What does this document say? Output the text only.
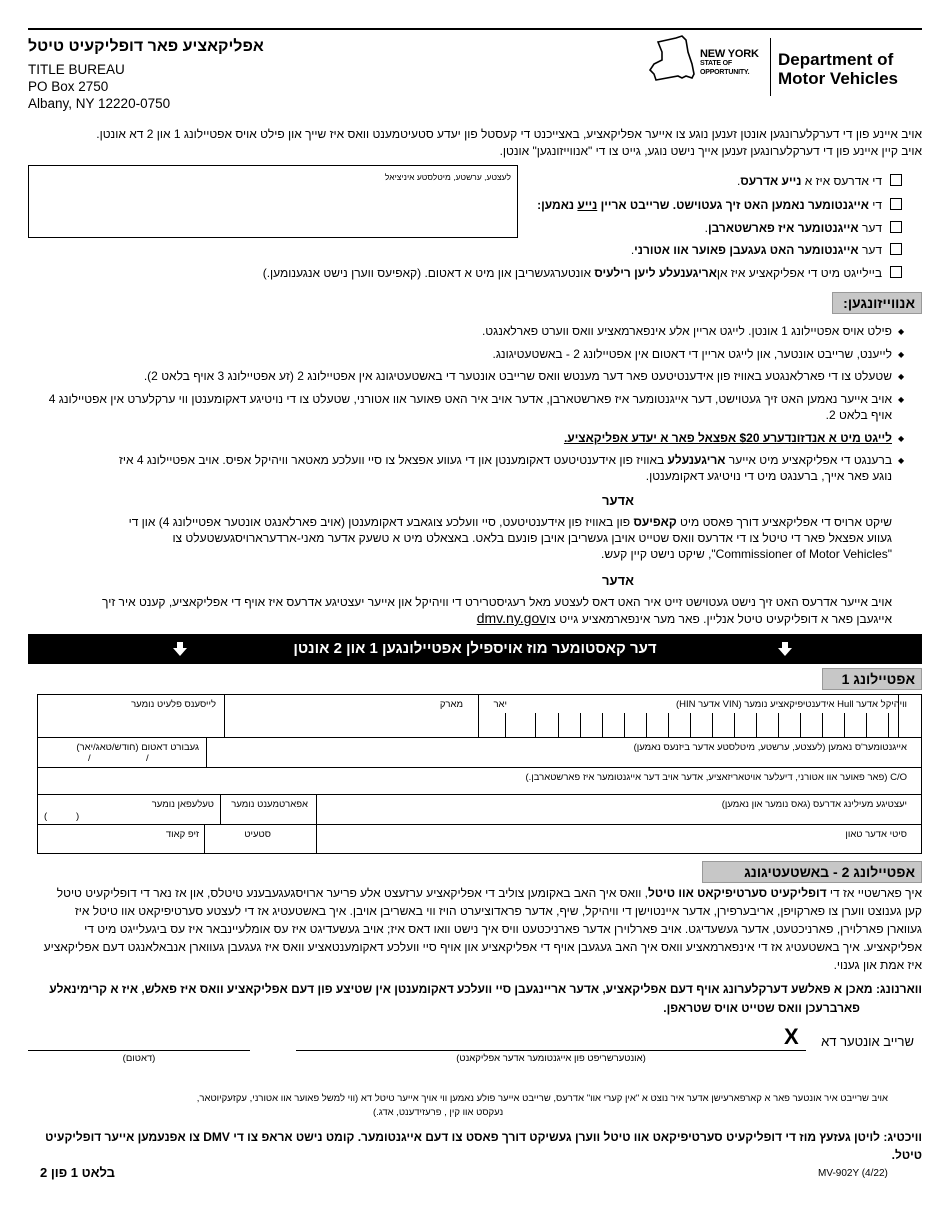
אפליקאציע פאר דופליקעיט טיטל
TITLE BUREAU
PO Box 2750
Albany, NY 12220-0750
NEW YORK
STATE OF
OPPORTUNITY.
Department of
Motor Vehicles
אויב איינע פון די דערקלערונגען אונטן זענען נוגע צו אייער אפליקאציע, באצייכנט די קעסטל פון יעדע סטעיטמענט וואס איז שייך און פילט אויס אפטיילונג 1 און 2 דא אונטן.
אויב קיין איינע פון די דערקלערונגען זענען אייך נישט נוגע, גייט צו די "אנווייזונגען" אונטן.
לעצטע, ערשטע, מיטלסטע איניציאל	די אדרעס איז א נייע אדרעס.
די אייגנטומער נאמען האט זיך געטוישט. שרייבט אריין נייע נאמען:
דער אייגנטומער איז פארשטארבן.
דער אייגנטומער האט געגעבן פאוער אוו אטורני.
ביילייגט מיט די אפליקאציע איז אןאריגענעלע ליען רילעיס אונטערגעשריבן און מיט א דאטום. (קאפיעס ווערן נישט אנגענומען.)
אנווייזונגען:
פילט אויס אפטיילונג 1 אונטן. לייגט אריין אלע אינפארמאציע וואס ווערט פארלאנגט. ◆
לייענט, שרייבט אונטער, און לייגט אריין די דאטום אין אפטיילונג 2 - באשטעטיגונג. ◆
שטעלט צו די פארלאנגטע באוויז פון אידענטיטעט פאר דער מענטש וואס שרייבט אונטער די באשטעטיגונג אין אפטיילונג 2 (זע אפטיילונג 3 אויף בלאט 2). ◆
אויב אייער נאמען האט זיך געטוישט, דער אייגנטומער איז פארשטארבן, אדער אויב איר האט פאוער אוו אטורני, שטעלט צו די נויטיגע דאקומענטן ווי ערקלערט אין אפטיילונג 4 אויף בלאט 2.
◆
לייגט מיט א אנדזונדערע $20 אפצאל פאר א יעדע אפליקאציע. ◆
ברענגט די אפליקאציע מיט אייער אריגענעלע באוויז פון אידענטיטעט דאקומענטן און די געווע אפצאל צו סיי וועלכע מאטאר וויהיקל אפיס. אויב אפטיילונג 4 איז
נוגע פאר אייך, ברענגט מיט די נויטיגע דאקומענטן.
◆
אדער
שיקט ארויס די אפליקאציע דורך פאסט מיט קאפיעס פון באוויז פון אידענטיטעט, סיי וועלכע צוגאבע דאקומענטן (אויב פארלאנגט אונטער אפטיילונג 4) און די
געווע אפצאל פאר די טיטל צו די אדרעס וואס שטייט אויבן געשריבן אויבן פונעם בלאט. באצאלט מיט א טשעק אדער מאני-ארדערארויסגעשטעלט צו
"Commissioner of Motor Vehicles", שיקט נישט קיין קעש.
אדער
אויב אייער אדרעס האט זיך נישט געטוישט זייט איר האט דאס לעצטע מאל רעגיסטרירט די וויהיקל און אייער יעצטיגע אדרעס איז אויף די אפליקאציע, קענט איר זיך
אייגעבן פאר א דופליקעיט טיטל אנליין. פאר מער אינפארמאציע גייט צוdmv.ny.gov
דער קאסטומער מוז אויספילן אפטיילונגען 1 און 2 אונטן
אפטיילונג 1
וויהיקל אדער Hull אידענטיפיקאציע נומער (VIN אדער HIN)
יאר
מארק
לייסענס פלעיט נומער
אייגנטומער'ס נאמען (לעצטע, ערשטע, מיטלסטע אדער ביזנעס נאמען)
געבורט דאטום (חודש/טאג/יאר)
/	/
C/O (פאר פאוער אוו אטורני, דיעלער אויטאריזאציע, אדער אויב דער אייגנטומער איז פארשטארבן.)
יעצטיגע מעילינג אדרעס (גאס נומער און נאמען)
אפארטמענט נומער
טעלעפאן נומער
(	)
סיטי אדער טאון
סטעיט
זיפ קאוד
אפטיילונג 2 - באשטעטיגונג
איך פארשטיי אז די דופליקעיט סערטיפיקאט אוו טיטל, וואס איך האב באקומען צוליב די אפליקאציע ערזעצט אלע פריער ארויסגעגעבענע טיטלס, און אז נאר די דופליקעיט טיטל
קען גענוצט ווערן צו פארקויפן, אריבערפירן, אדער איינטוישן די וויהיקל, שיף, אדער פראדוציערט הויז ווי באשריבן אויבן. איך באשטעטיג אז די לעצטע סערטיפיקאט אוו טיטל איז
געווארן פארלוירן, פארניכטעט, אדער געשעדיגט. אויב פארלוירן אדער פארניכטעט וויס איך נישט וואו דאס איז; אויב געשעדיגט איז עס אומלעיינבאר איז עס ביגעלייגט מיט די
אפליקאציע. איך באשטעטיג אז די אינפארמאציע וואס איך האב געגעבן אויף די אפליקאציע און אויף סיי וועלכע דאקומענטאציע וואס איז געגעבן געווארן אנבאלאנגט דעם אפליקאציע
איז אמת און גענוי.
ווארנונג: מאכן א פאלשע דערקלערונג אויף דעם אפליקאציע, אדער אריינגעבן סיי וועלכע דאקומענטן אין שטיצע פון דעם אפליקאציע וואס איז פאלש, איז א קרימינאלע
פארברעכן וואס שטייט אויס שטראפן.
שרייב אונטער דא
X
(אונטערשריפט פון אייגנטומער אדער אפליקאנט)
(דאטום)
אויב שרייבט איר אונטער פאר א קארפארעישן אדער איר נוצט א "אין קערי אוו" אדרעס, שרייבט אייער פולע נאמען ווי אויך אייער טיטל דא (ווי למשל פאוער אוו אטורני, עקזעקיוטאר,
נעקסט אוו קין , פרעזידענט, אדג.)
וויכטיג: לויטן געזעץ מוז די דופליקעיט סערטיפיקאט אוו טיטל ווערן געשיקט דורך פאסט צו דעם אייגנטומער. קומט נישט אראפ צו די DMV צו אפנעמען אייער דופליקעיט טיטל.
בלאט 1 פון 2	MV-902Y (4/22)
